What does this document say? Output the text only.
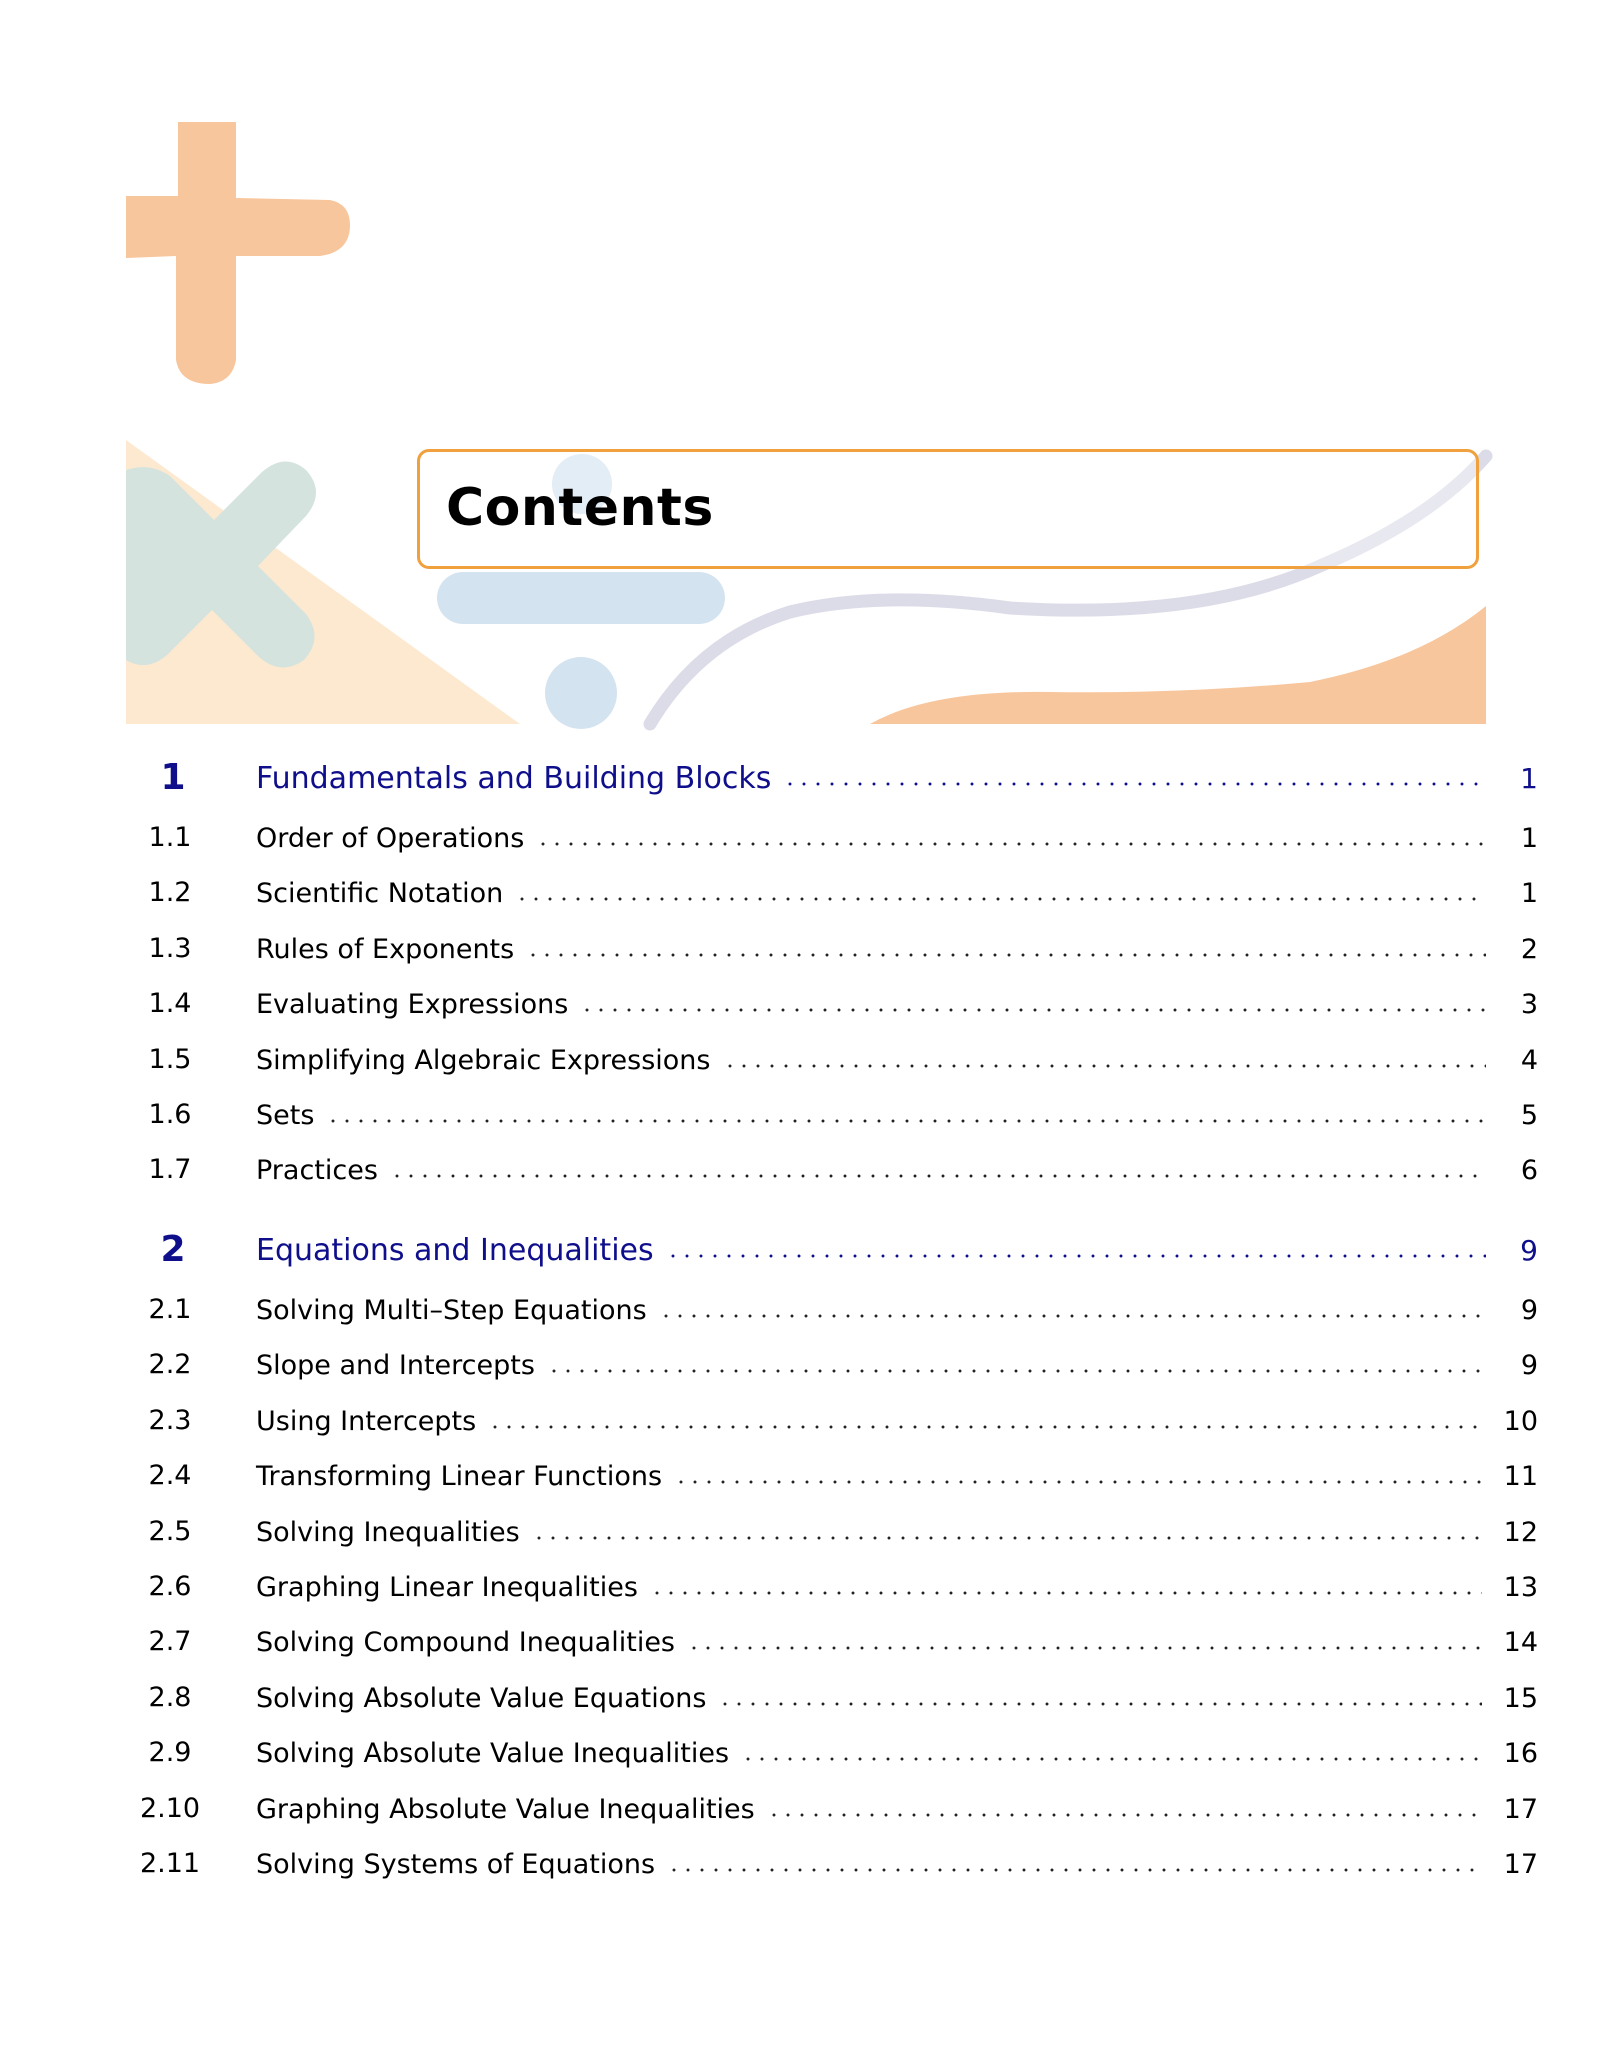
Contents
1	Fundamentals and Building Blocks	1
1.1	Order of Operations	1
1.2	Scientific Notation	1
1.3	Rules of Exponents	2
1.4	Evaluating Expressions	3
1.5	Simplifying Algebraic Expressions	4
1.6	Sets	5
1.7	Practices	6
2	Equations and Inequalities	9
2.1	Solving Multi–Step Equations	9
2.2	Slope and Intercepts	9
2.3	Using Intercepts	10
2.4	Transforming Linear Functions	11
2.5	Solving Inequalities	12
2.6	Graphing Linear Inequalities	13
2.7	Solving Compound Inequalities	14
2.8	Solving Absolute Value Equations	15
2.9	Solving Absolute Value Inequalities	16
2.10	Graphing Absolute Value Inequalities	17
2.11	Solving Systems of Equations	17
